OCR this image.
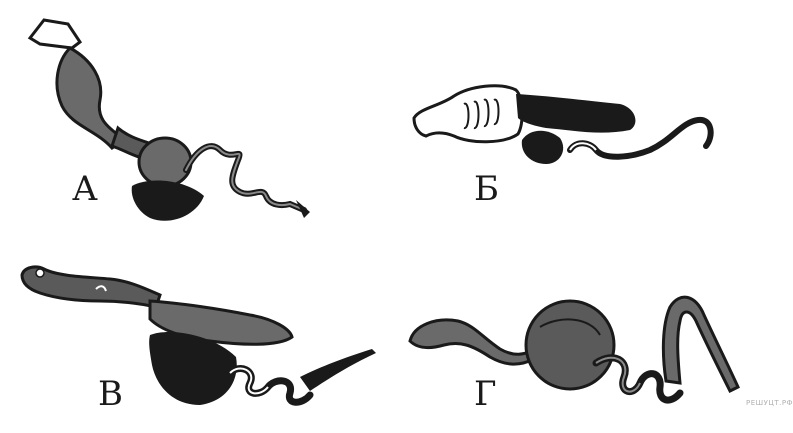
А	Б
В	РЕШУЦТ.РФ
Г
